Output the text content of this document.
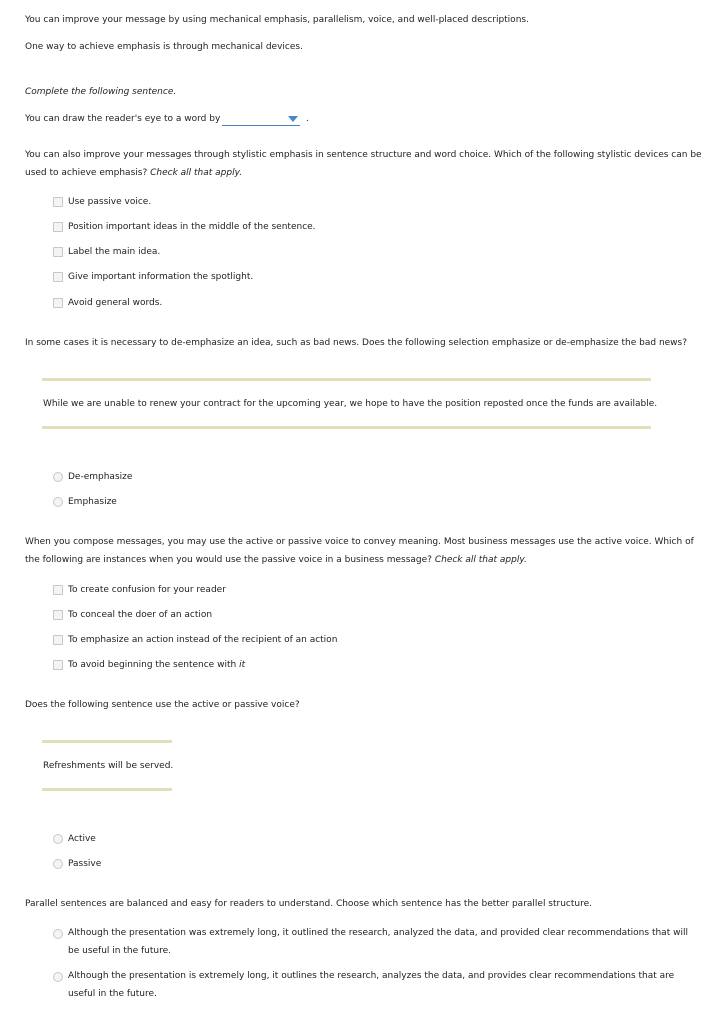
You can improve your message by using mechanical emphasis, parallelism, voice, and well-placed descriptions.
One way to achieve emphasis is through mechanical devices.
Complete the following sentence.
You can draw the reader's eye to a word by	.
You can also improve your messages through stylistic emphasis in sentence structure and word choice. Which of the following stylistic devices can be used to achieve emphasis? Check all that apply.
Use passive voice.
Position important ideas in the middle of the sentence.
Label the main idea.
Give important information the spotlight.
Avoid general words.
In some cases it is necessary to de-emphasize an idea, such as bad news. Does the following selection emphasize or de-emphasize the bad news?
While we are unable to renew your contract for the upcoming year, we hope to have the position reposted once the funds are available.
De-emphasize
Emphasize
When you compose messages, you may use the active or passive voice to convey meaning. Most business messages use the active voice. Which of the following are instances when you would use the passive voice in a business message? Check all that apply.
To create confusion for your reader
To conceal the doer of an action
To emphasize an action instead of the recipient of an action
To avoid beginning the sentence with
it
Does the following sentence use the active or passive voice?
Refreshments will be served.
Active
Passive
Parallel sentences are balanced and easy for readers to understand. Choose which sentence has the better parallel structure.
Although the presentation was extremely long, it outlined the research, analyzed the data, and provided clear recommendations that will be useful in the future.
Although the presentation is extremely long, it outlines the research, analyzes the data, and provides clear recommendations that are useful in the future.
